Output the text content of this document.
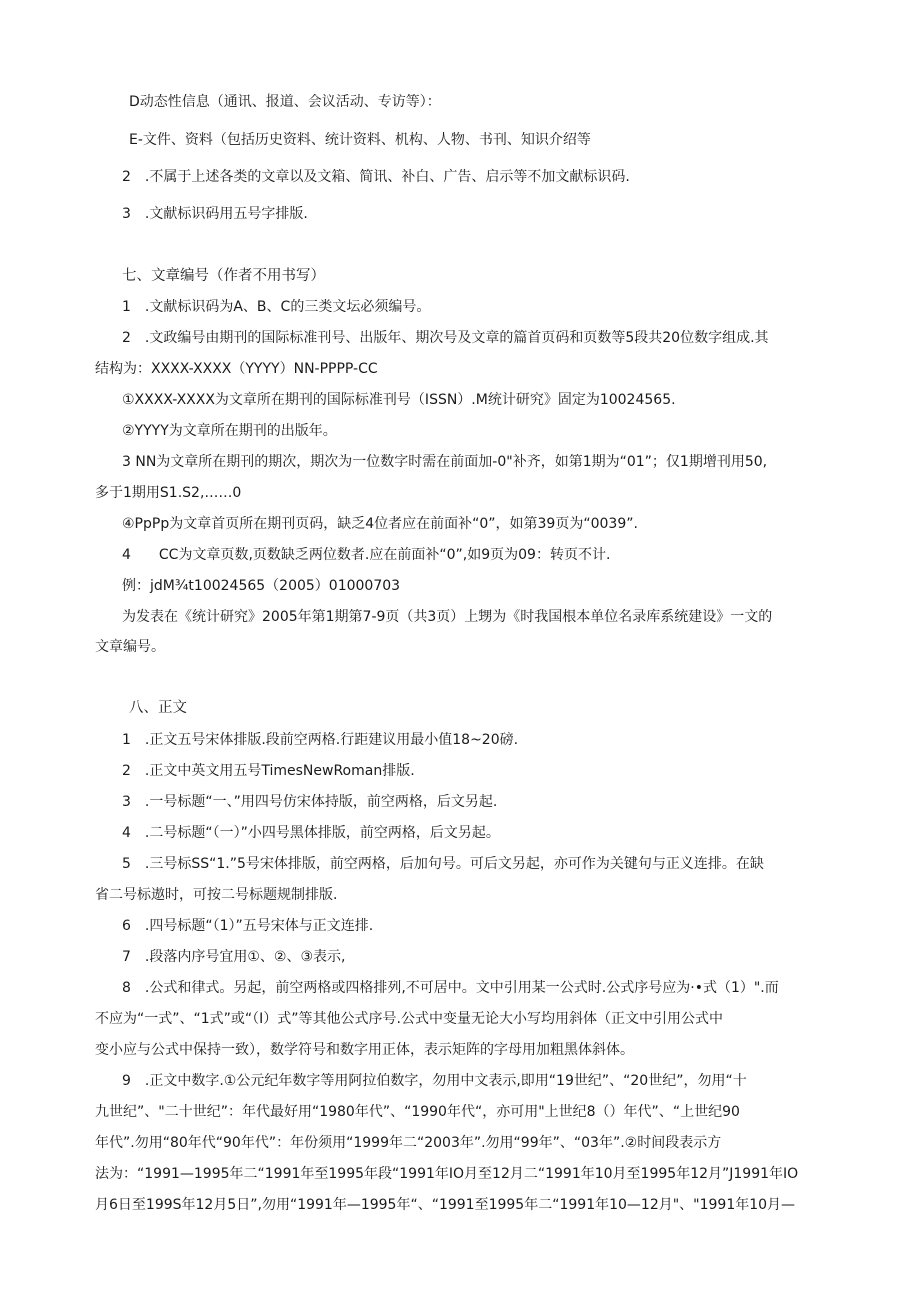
D动态性信息（通讯、报道、会议活动、专访等）：
E-文件、资料（包括历史资料、统计资料、机构、人物、书刊、知识介绍等
2　.不属于上述各类的文章以及文箱、简讯、补白、广告、启示等不加文献标识码.
3　.文献标识码用五号字排版.
七、文章编号（作者不用书写）
1　.文献标识码为A、B、C的三类文坛必须编号。
2　.文政编号由期刊的国际标准刊号、出版年、期次号及文章的篇首页码和页数等5段共20位数字组成.其
结构为：XXXX-XXXX（YYYY）NN-PPPP-CC
①XXXX-XXXX为文章所在期刊的国际标准刊号（ISSN）.M统计研究》固定为10024565.
②YYYY为文章所在期刊的出版年。
3 NN为文章所在期刊的期次，期次为一位数字时需在前面加-0"补齐，如第1期为“01”；仅1期增刊用50,
多于1期用S1.S2,……0
④PpPp为文章首页所在期刊页码，缺乏4位者应在前面补“0”，如第39页为“0039”.
4　　CC为文章页数,页数缺乏两位数者.应在前面补“0”,如9页为09：转页不计.
例：jdM¾t10024565（2005）01000703
为发表在《统计研究》2005年第1期第7-9页（共3页）上甥为《时我国根本单位名录库系统建设》一文的
文章编号。
八、正文
1　.正文五号宋体排版.段前空两格.行距建议用最小值18~20磅.
2　.正文中英文用五号TimesNewRoman排版.
3　.一号标题“一、”用四号仿宋体持版，前空两格，后文另起.
4　.二号标题“（一）”小四号黑体排版，前空两格，后文另起。
5　.三号标SS“1.”5号宋体排版，前空两格，后加句号。可后文另起，亦可作为关键句与正义连排。在缺
省二号标遨时，可按二号标题规制排版.
6　.四号标题“（1）”五号宋体与正文连排.
7　.段落内序号宜用①、②、③表示,
8　.公式和律式。另起，前空两格或四格排列,不可居中。文中引用某一公式时.公式序号应为·•式（1）".而
不应为“一式”、“1式”或“（I）式”等其他公式序号.公式中变量无论大小写均用斜体（正文中引用公式中
变小应与公式中保持一致），数学符号和数字用正体，表示矩阵的字母用加粗黑体斜体。
9　.正文中数字.①公元纪年数字等用阿拉伯数字，勿用中文表示,即用“19世纪”、“20世纪”，勿用“十
九世纪”、"二十世纪”：年代最好用“1980年代”、“1990年代“，亦可用"上世纪8（）年代”、“上世纪90
年代”.勿用“80年代“90年代”：年份须用“1999年二“2003年”.勿用“99年”、“03年”.②时间段表示方
法为：“1991—1995年二“1991年至1995年段“1991年IO月至12月二“1991年10月至1995年12月”J1991年IO
月6日至199S年12月5日”,勿用“1991年—1995年“、“1991至1995年二“1991年10—12月"、"1991年10月—
